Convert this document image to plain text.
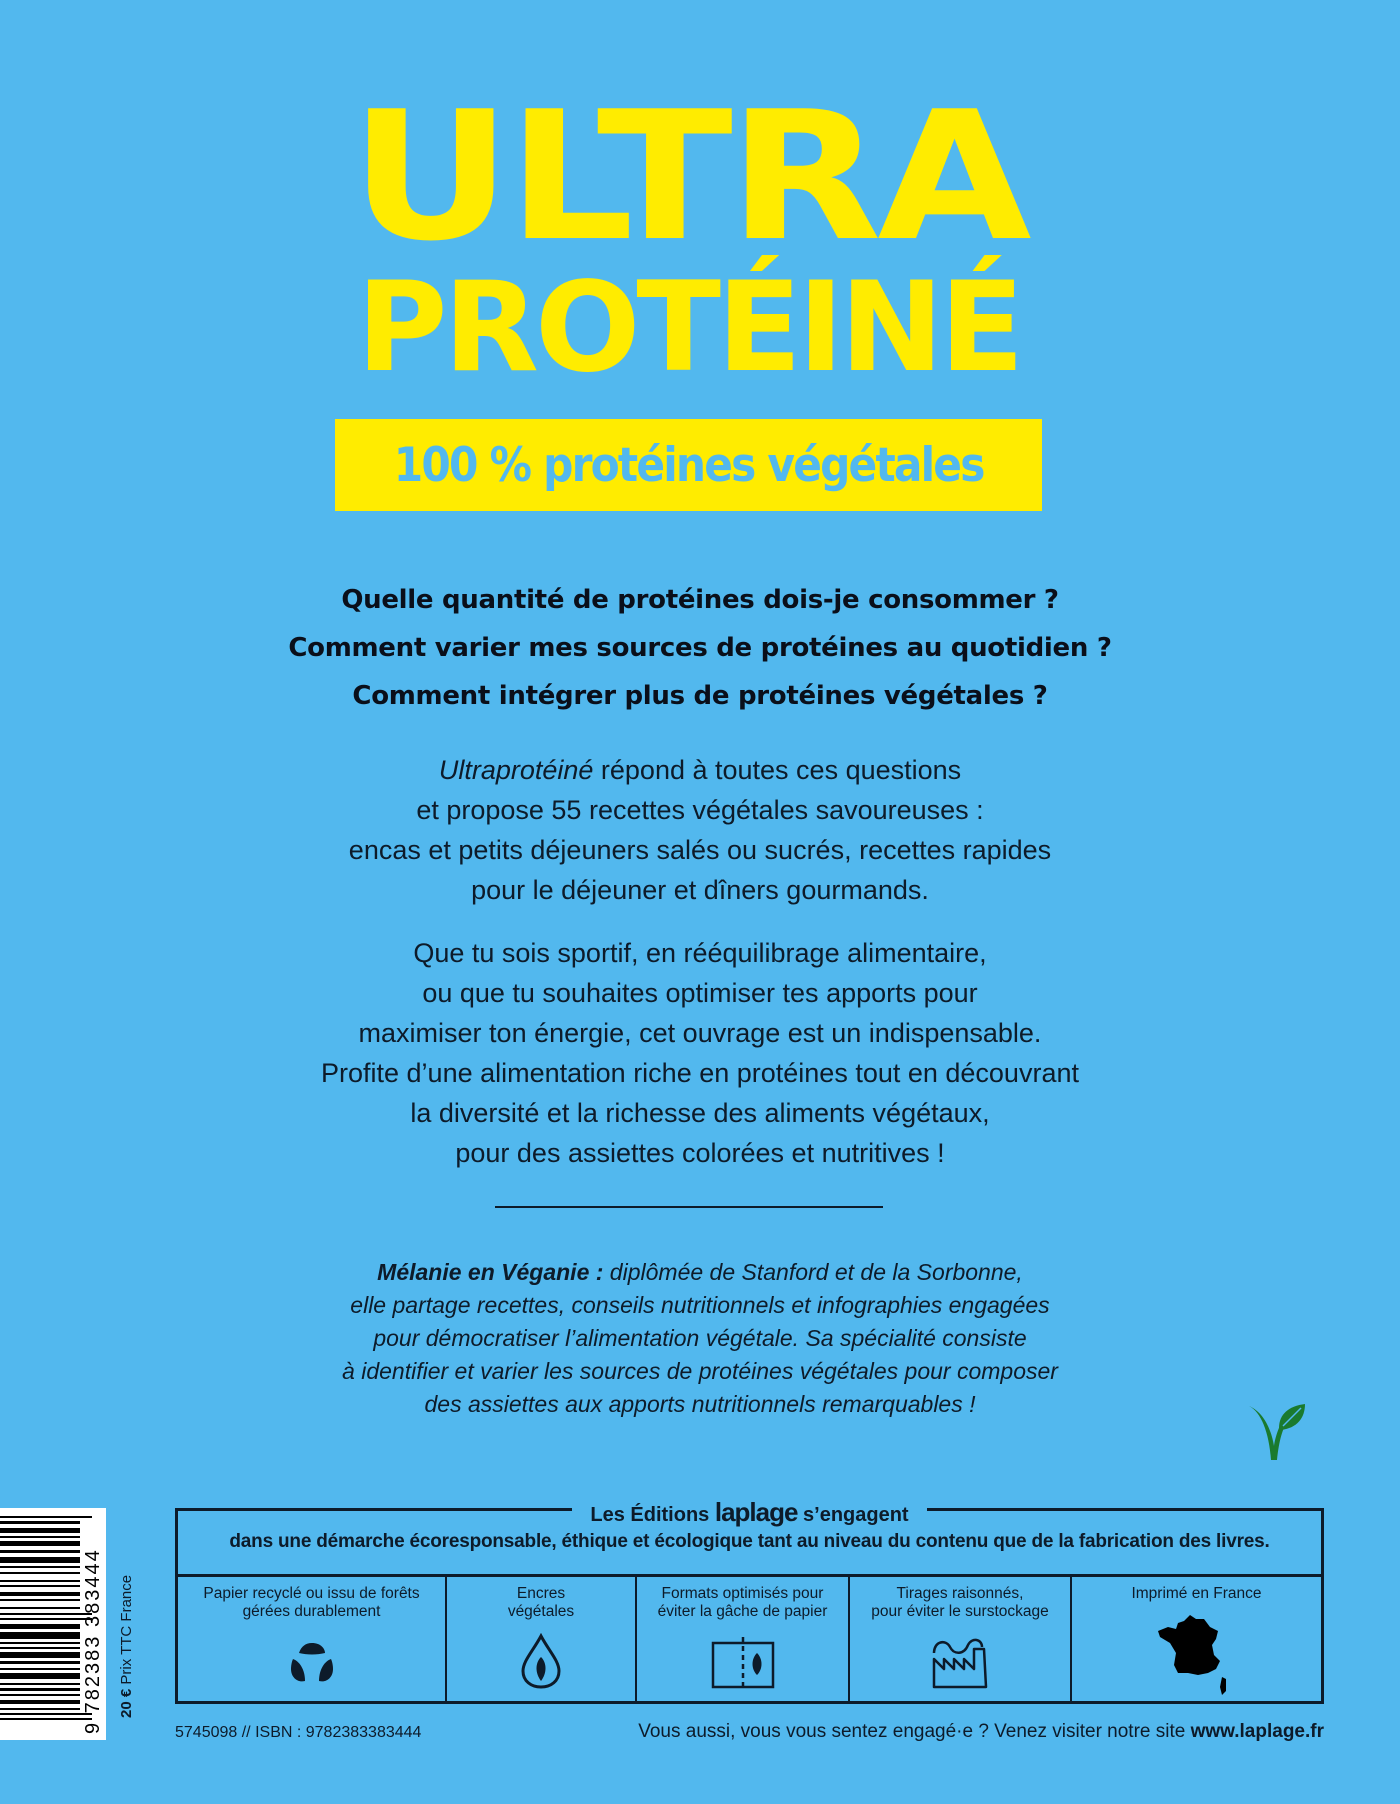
ULTRA
PROTÉINÉ
100 % protéines végétales
Quelle quantité de protéines dois-je consommer ?
Comment varier mes sources de protéines au quotidien ?
Comment intégrer plus de protéines végétales ?
Ultraprotéiné répond à toutes ces questions
et propose 55 recettes végétales savoureuses :
encas et petits déjeuners salés ou sucrés, recettes rapides
pour le déjeuner et dîners gourmands.
Que tu sois sportif, en rééquilibrage alimentaire,
ou que tu souhaites optimiser tes apports pour
maximiser ton énergie, cet ouvrage est un indispensable.
Profite d’une alimentation riche en protéines tout en découvrant
la diversité et la richesse des aliments végétaux,
pour des assiettes colorées et nutritives !
Mélanie en Véganie : diplômée de Stanford et de la Sorbonne,
elle partage recettes, conseils nutritionnels et infographies engagées
pour démocratiser l’alimentation végétale. Sa spécialité consiste
à identifier et varier les sources de protéines végétales pour composer
des assiettes aux apports nutritionnels remarquables !
9 782383 383444 20 € Prix TTC France
Les Éditions laplage s’engagent
dans une démarche écoresponsable, éthique et écologique tant au niveau du contenu que de la fabrication des livres.
Papier recyclé ou issu de forêts
gérées durablement
Encres
végétales
Formats optimisés pour
éviter la gâche de papier
Tirages raisonnés,
pour éviter le surstockage
Imprimé en France
5745098 // ISBN : 9782383383444	Vous aussi, vous vous sentez engagé·e ? Venez visiter notre site www.laplage.fr
